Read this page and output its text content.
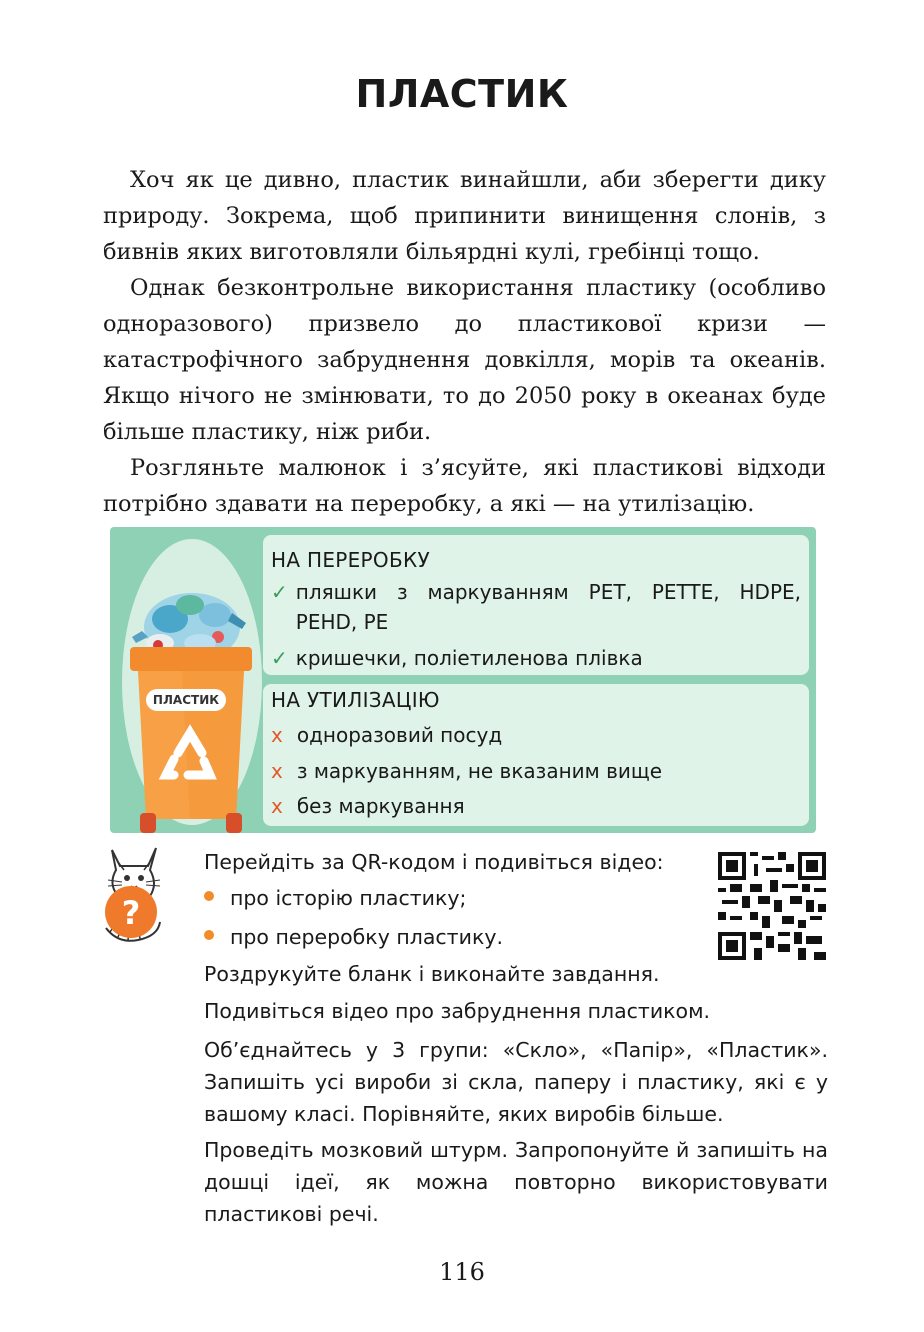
ПЛАСТИК

Хоч як це дивно, пластик винайшли, аби зберегти дику природу. Зокрема, щоб припинити винищення слонів, з бивнів яких виготовляли більярдні кулі, гребінці тощо.

Однак безконтрольне використання пластику (особливо одноразового) призвело до пластикової кризи — катастрофічного забруднення довкілля, морів та океанів. Якщо нічого не змінювати, то до 2050 року в океанах буде більше пластику, ніж риби.

Розгляньте малюнок і з’ясуйте, які пластикові відходи потрібно здавати на переробку, а які — на утилізацію.

ПЛАСТИК
НА ПЕРЕРОБКУ
✓ пляшки з маркуванням PET, PETTE, HDPE, PEHD, PE
✓ кришечки, поліетиленова плівка
НА УТИЛІЗАЦІЮ
x одноразовий посуд
x з маркуванням, не вказаним вище
x без маркування
?

Перейдіть за QR-кодом і подивіться відео:

про історію пластику;

про переробку пластику.

Роздрукуйте бланк і виконайте завдання.

Подивіться відео про забруднення пластиком.

Об’єднайтесь у 3 групи: «Скло», «Папір», «Пластик». Запишіть усі вироби зі скла, паперу і пластику, які є у вашому класі. Порівняйте, яких виробів більше.

Проведіть мозковий штурм. Запропонуйте й запишіть на дошці ідеї, як можна повторно використовувати пластикові речі.

116
